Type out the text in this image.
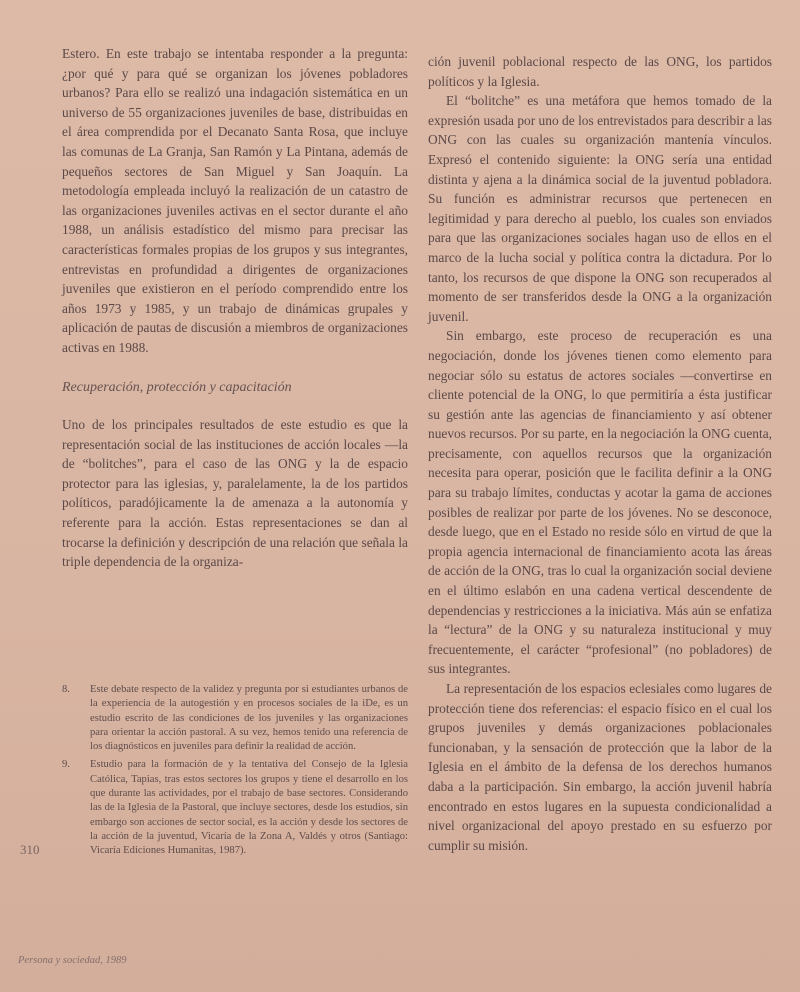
Estero. En este trabajo se intentaba responder a la pregunta: ¿por qué y para qué se organizan los jóvenes pobladores urbanos? Para ello se realizó una indagación sistemática en un universo de 55 organizaciones juveniles de base, distribuidas en el área comprendida por el Decanato Santa Rosa, que incluye las comunas de La Granja, San Ramón y La Pintana, además de pequeños sectores de San Miguel y San Joaquín. La metodología empleada incluyó la realización de un catastro de las organizaciones juveniles activas en el sector durante el año 1988, un análisis estadístico del mismo para precisar las características formales propias de los grupos y sus integrantes, entrevistas en profundidad a dirigentes de organizaciones juveniles que existieron en el período comprendido entre los años 1973 y 1985, y un trabajo de dinámicas grupales y aplicación de pautas de discusión a miembros de organizaciones activas en 1988.

Recuperación, protección y capacitación

Uno de los principales resultados de este estudio es que la representación social de las instituciones de acción locales —la de “bolitches”, para el caso de las ONG y la de espacio protector para las iglesias, y, paralelamente, la de los partidos políticos, paradójicamente la de amenaza a la autonomía y referente para la acción. Estas representaciones se dan al trocarse la definición y descripción de una relación que señala la triple dependencia de la organiza-

8.	Este debate respecto de la validez y pregunta por si estudiantes urbanos de la experiencia de la autogestión y en procesos sociales de la iDe, es un estudio escrito de las condiciones de los juveniles y las organizaciones para orientar la acción pastoral. A su vez, hemos tenido una referencia de los diagnósticos en juveniles para definir la realidad de acción.
9.	Estudio para la formación de y la tentativa del Consejo de la Iglesia Católica, Tapias, tras estos sectores los grupos y tiene el desarrollo en los que durante las actividades, por el trabajo de base sectores. Considerando las de la Iglesia de la Pastoral, que incluye sectores, desde los estudios, sin embargo son acciones de sector social, es la acción y desde los sectores de la acción de la juventud, Vicaría de la Zona A, Valdés y otros (Santiago: Vicaría Ediciones Humanitas, 1987).
310
Persona y sociedad, 1989

ción juvenil poblacional respecto de las ONG, los partidos políticos y la Iglesia.

El “bolitche” es una metáfora que hemos tomado de la expresión usada por uno de los entrevistados para describir a las ONG con las cuales su organización mantenía vínculos. Expresó el contenido siguiente: la ONG sería una entidad distinta y ajena a la dinámica social de la juventud pobladora. Su función es administrar recursos que pertenecen en legitimidad y para derecho al pueblo, los cuales son enviados para que las organizaciones sociales hagan uso de ellos en el marco de la lucha social y política contra la dictadura. Por lo tanto, los recursos de que dispone la ONG son recuperados al momento de ser transferidos desde la ONG a la organización juvenil.

Sin embargo, este proceso de recuperación es una negociación, donde los jóvenes tienen como elemento para negociar sólo su estatus de actores sociales —convertirse en cliente potencial de la ONG, lo que permitiría a ésta justificar su gestión ante las agencias de financiamiento y así obtener nuevos recursos. Por su parte, en la negociación la ONG cuenta, precisamente, con aquellos recursos que la organización necesita para operar, posición que le facilita definir a la ONG para su trabajo límites, conductas y acotar la gama de acciones posibles de realizar por parte de los jóvenes. No se desconoce, desde luego, que en el Estado no reside sólo en virtud de que la propia agencia internacional de financiamiento acota las áreas de acción de la ONG, tras lo cual la organización social deviene en el último eslabón en una cadena vertical descendente de dependencias y restricciones a la iniciativa. Más aún se enfatiza la “lectura” de la ONG y su naturaleza institucional y muy frecuentemente, el carácter “profesional” (no pobladores) de sus integrantes.

La representación de los espacios eclesiales como lugares de protección tiene dos referencias: el espacio físico en el cual los grupos juveniles y demás organizaciones poblacionales funcionaban, y la sensación de protección que la labor de la Iglesia en el ámbito de la defensa de los derechos humanos daba a la participación. Sin embargo, la acción juvenil habría encontrado en estos lugares en la supuesta condicionalidad a nivel organizacional del apoyo prestado en su esfuerzo por cumplir su misión.
